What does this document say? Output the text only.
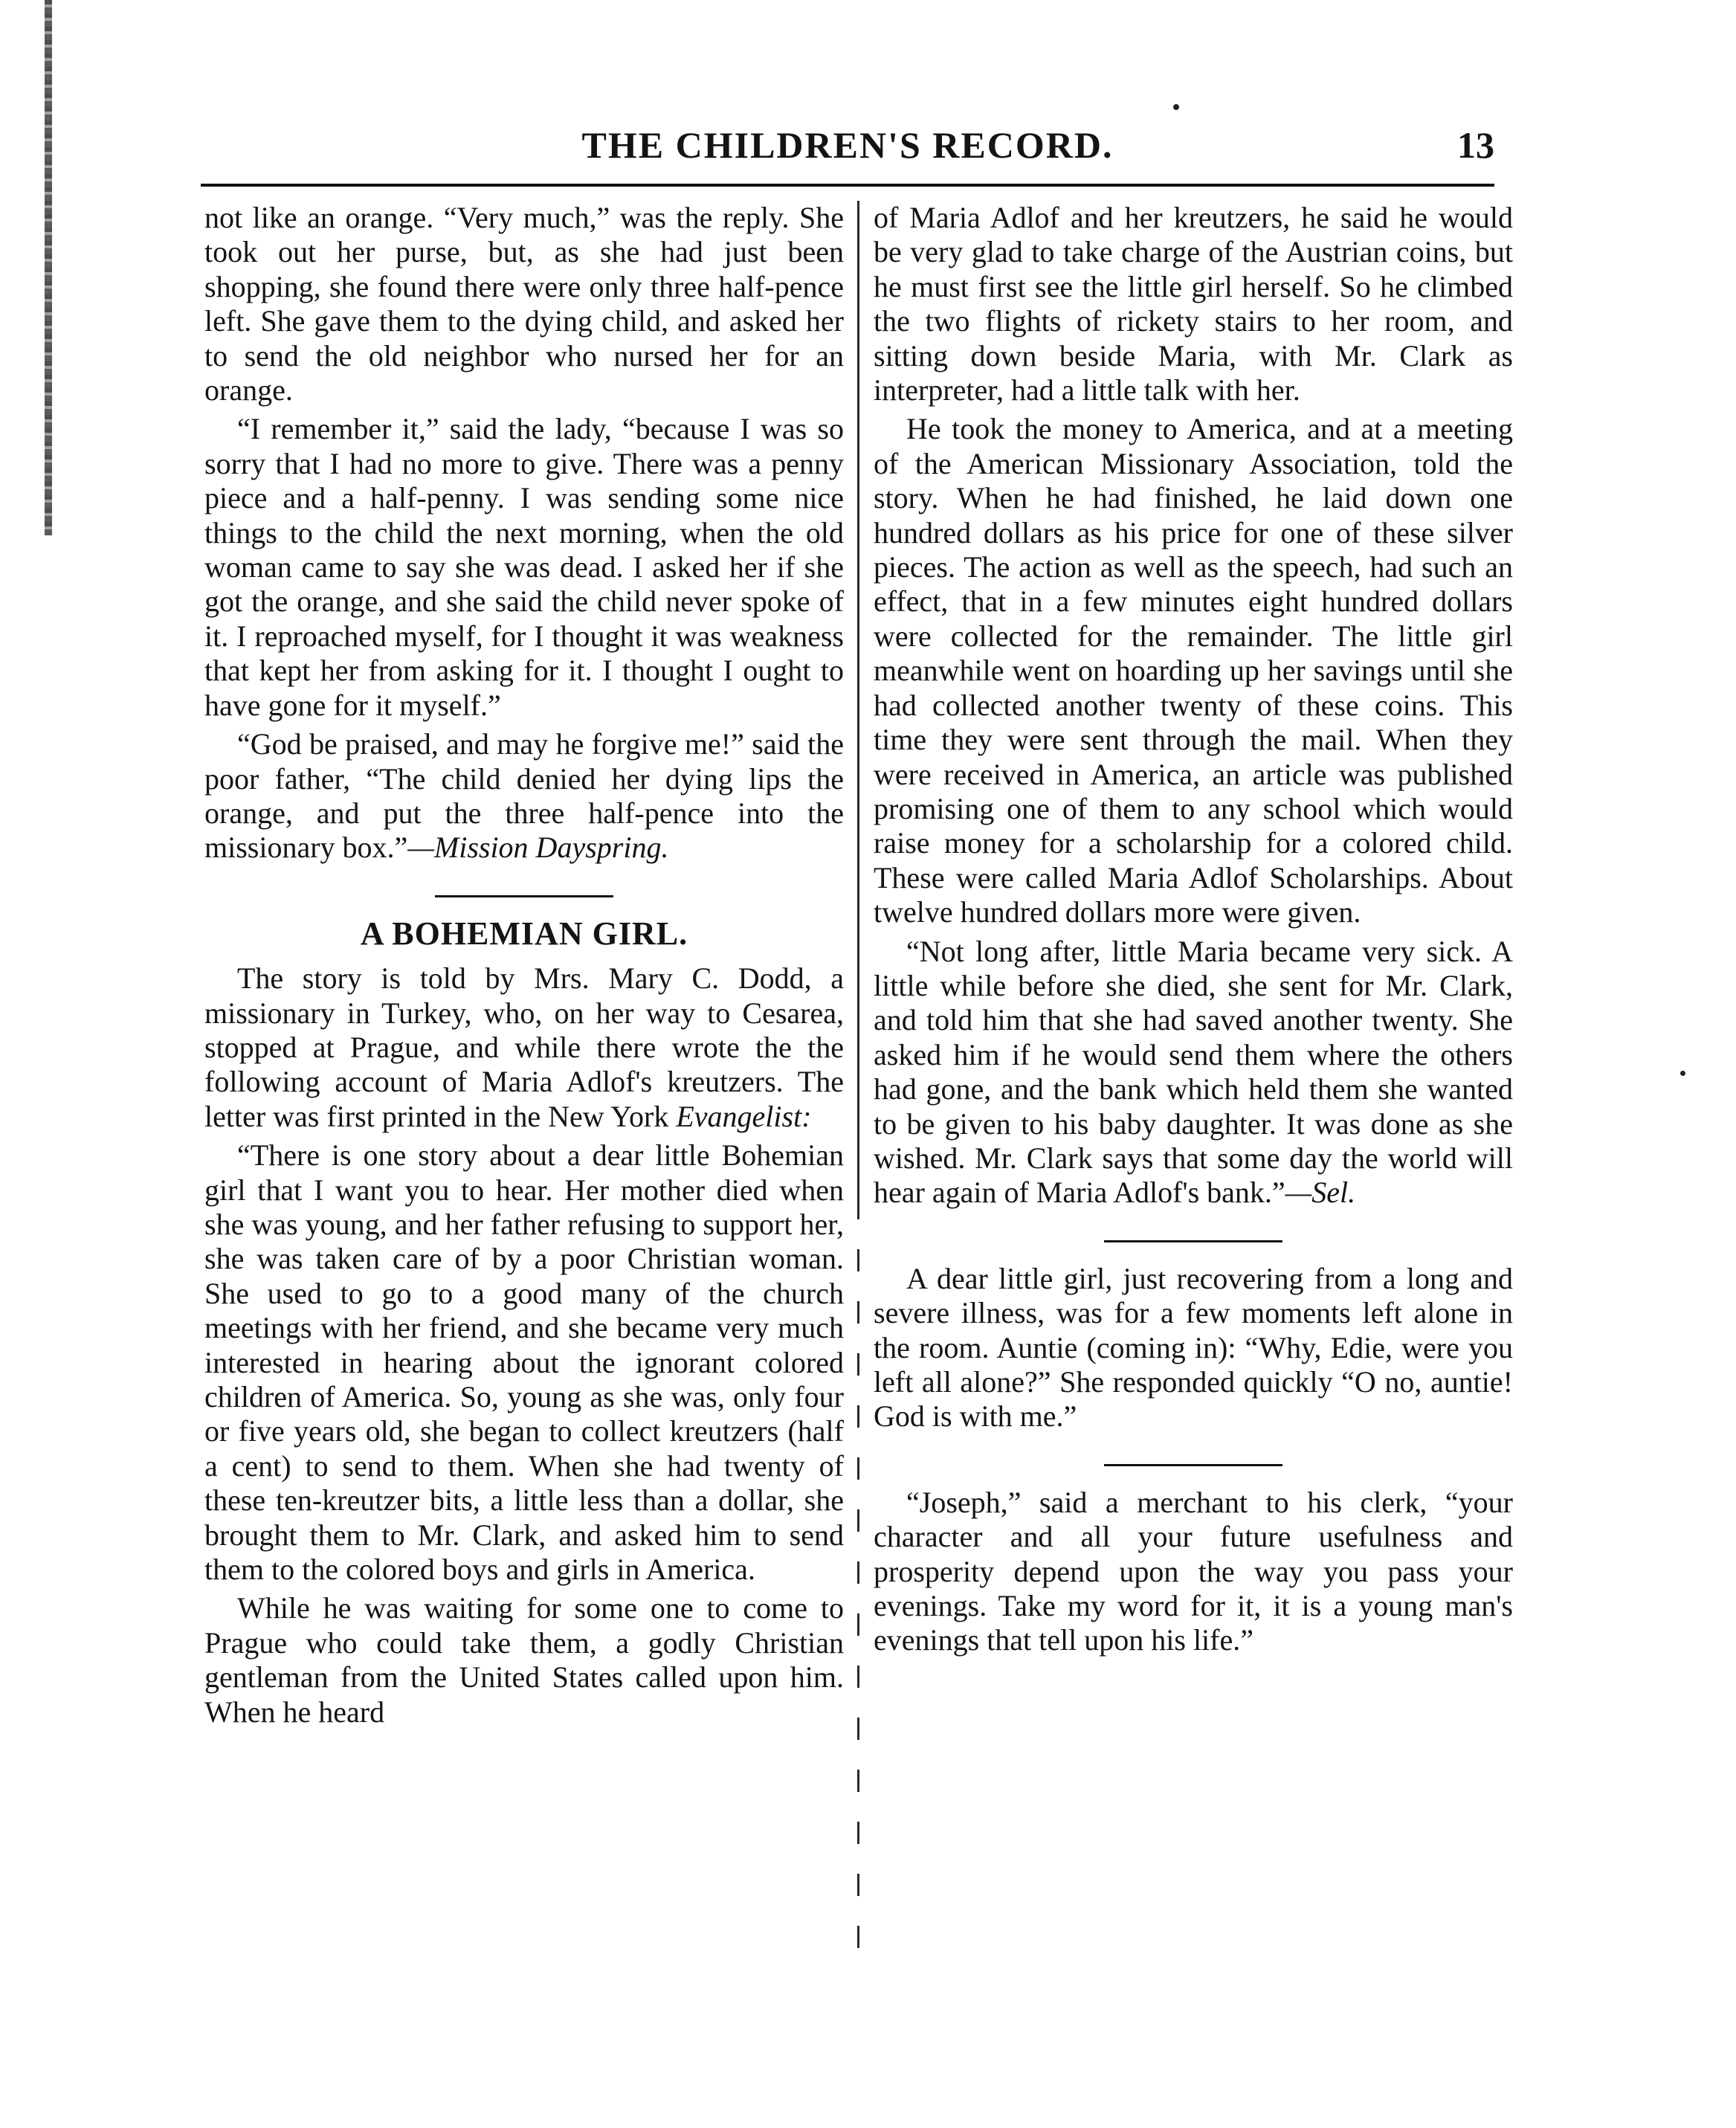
THE CHILDREN'S RECORD.	13

not like an orange. “Very much,” was the reply. She took out her purse, but, as she had just been shopping, she found there were only three half-pence left. She gave them to the dying child, and asked her to send the old neighbor who nursed her for an orange.

“I remember it,” said the lady, “because I was so sorry that I had no more to give. There was a penny piece and a half-penny. I was sending some nice things to the child the next morning, when the old woman came to say she was dead. I asked her if she got the orange, and she said the child never spoke of it. I reproached myself, for I thought it was weakness that kept her from asking for it. I thought I ought to have gone for it myself.”

“God be praised, and may he forgive me!” said the poor father, “The child denied her dying lips the orange, and put the three half-pence into the missionary box.”—Mission Dayspring.

A BOHEMIAN GIRL.

The story is told by Mrs. Mary C. Dodd, a missionary in Turkey, who, on her way to Cesarea, stopped at Prague, and while there wrote the the following account of Maria Adlof's kreutzers. The letter was first printed in the New York Evangelist:

“There is one story about a dear little Bohemian girl that I want you to hear. Her mother died when she was young, and her father refusing to support her, she was taken care of by a poor Christian woman. She used to go to a good many of the church meetings with her friend, and she became very much interested in hearing about the ignorant colored children of America. So, young as she was, only four or five years old, she began to collect kreutzers (half a cent) to send to them. When she had twenty of these ten-kreutzer bits, a little less than a dollar, she brought them to Mr. Clark, and asked him to send them to the colored boys and girls in America.

While he was waiting for some one to come to Prague who could take them, a godly Christian gentleman from the United States called upon him. When he heard

of Maria Adlof and her kreutzers, he said he would be very glad to take charge of the Austrian coins, but he must first see the little girl herself. So he climbed the two flights of rickety stairs to her room, and sitting down beside Maria, with Mr. Clark as interpreter, had a little talk with her.

He took the money to America, and at a meeting of the American Missionary Association, told the story. When he had finished, he laid down one hundred dollars as his price for one of these silver pieces. The action as well as the speech, had such an effect, that in a few minutes eight hundred dollars were collected for the remainder. The little girl meanwhile went on hoarding up her savings until she had collected another twenty of these coins. This time they were sent through the mail. When they were received in America, an article was published promising one of them to any school which would raise money for a scholarship for a colored child. These were called Maria Adlof Scholarships. About twelve hundred dollars more were given.

“Not long after, little Maria became very sick. A little while before she died, she sent for Mr. Clark, and told him that she had saved another twenty. She asked him if he would send them where the others had gone, and the bank which held them she wanted to be given to his baby daughter. It was done as she wished. Mr. Clark says that some day the world will hear again of Maria Adlof's bank.”—Sel.

A dear little girl, just recovering from a long and severe illness, was for a few moments left alone in the room. Auntie (coming in): “Why, Edie, were you left all alone?” She responded quickly “O no, auntie! God is with me.”

“Joseph,” said a merchant to his clerk, “your character and all your future usefulness and prosperity depend upon the way you pass your evenings. Take my word for it, it is a young man's evenings that tell upon his life.”
